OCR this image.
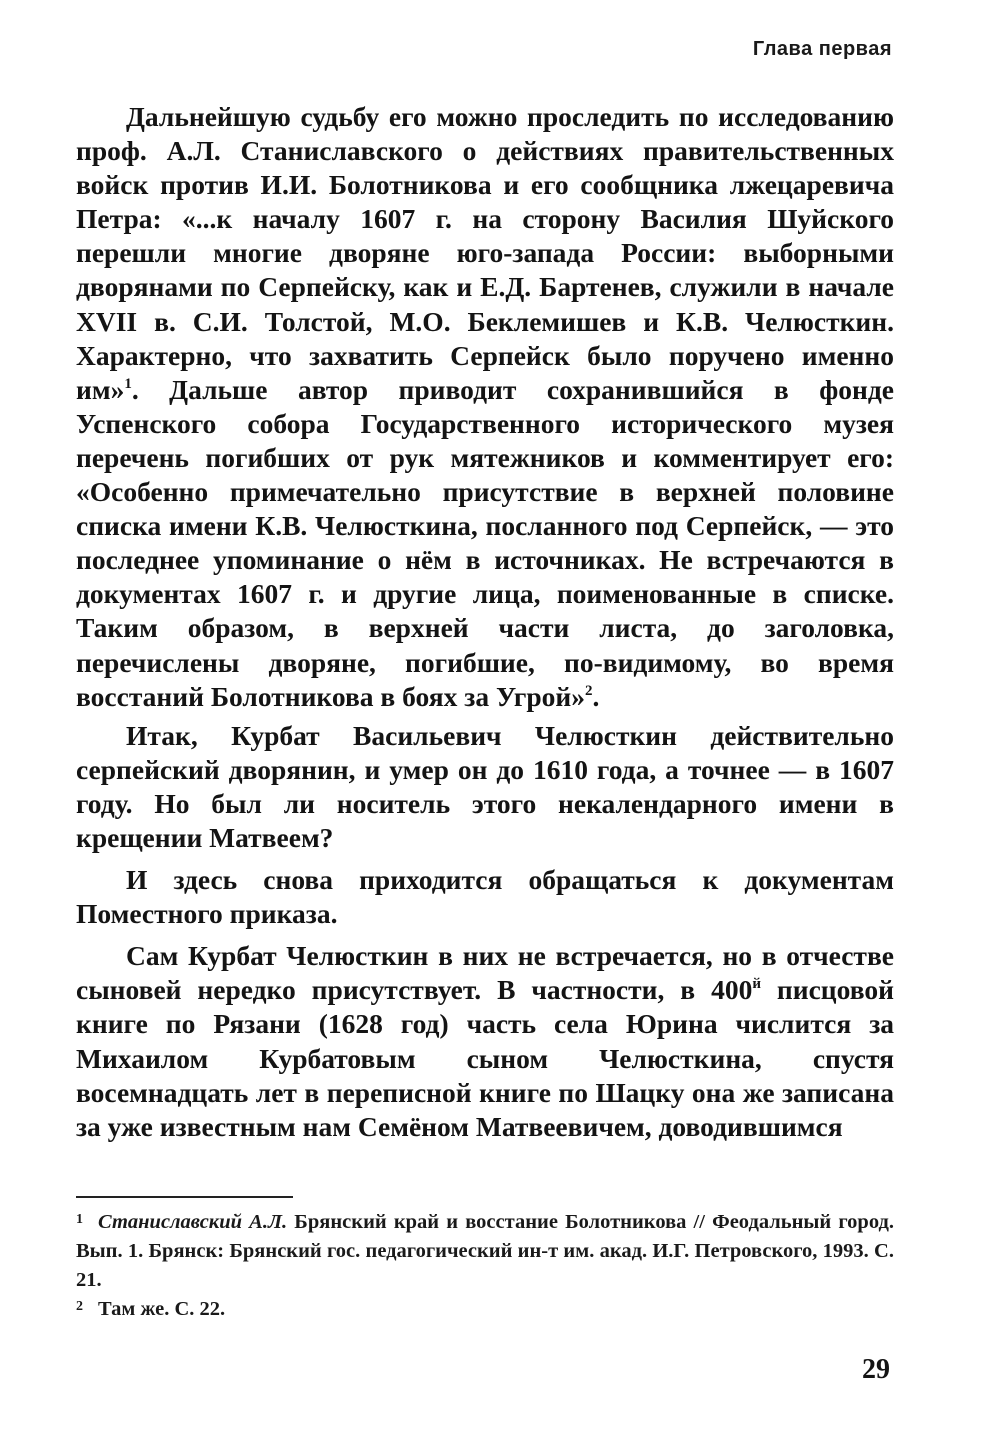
Глава первая

Дальнейшую судьбу его можно проследить по исследованию проф. А.Л. Станиславского о действиях правительственных войск против И.И. Болотникова и его сообщника лжецаревича Петра: «...к началу 1607 г. на сторону Василия Шуйского перешли многие дворяне юго-запада России: выборными дворянами по Серпейску, как и Е.Д. Бартенев, служили в начале XVII в. С.И. Толстой, М.О. Беклемишев и К.В. Челюсткин. Характерно, что захватить Серпейск было поручено именно им»$^1$. Дальше автор приводит сохранившийся в фонде Успенского собора Государственного исторического музея перечень погибших от рук мятежников и комментирует его: «Особенно примечательно присутствие в верхней половине списка имени К.В. Челюсткина, посланного под Серпейск, — это последнее упоминание о нём в источниках. Не встречаются в документах 1607 г. и другие лица, поименованные в списке. Таким образом, в верхней части листа, до заголовка, перечислены дворяне, погибшие, по-видимому, во время восстаний Болотникова в боях за Угрой»$^2$.

Итак, Курбат Васильевич Челюсткин действительно серпейский дворянин, и умер он до 1610 года, а точнее — в 1607 году. Но был ли носитель этого некалендарного имени в крещении Матвеем?

И здесь снова приходится обращаться к документам Поместного приказа.

Сам Курбат Челюсткин в них не встречается, но в отчестве сыновей нередко присутствует. В частности, в $400^й$ писцовой книге по Рязани (1628 год) часть села Юрина числится за Михаилом Курбатовым сыном Челюсткина, спустя восемнадцать лет в переписной книге по Шацку она же записана за уже известным нам Семёном Матвеевичем, доводившимся

1 Станиславский А.Л. Брянский край и восстание Болотникова // Феодальный город. Вып. 1. Брянск: Брянский гос. педагогический ин-т им. акад. И.Г. Петровского, 1993. С. 21.

2 Там же. С. 22.

29
